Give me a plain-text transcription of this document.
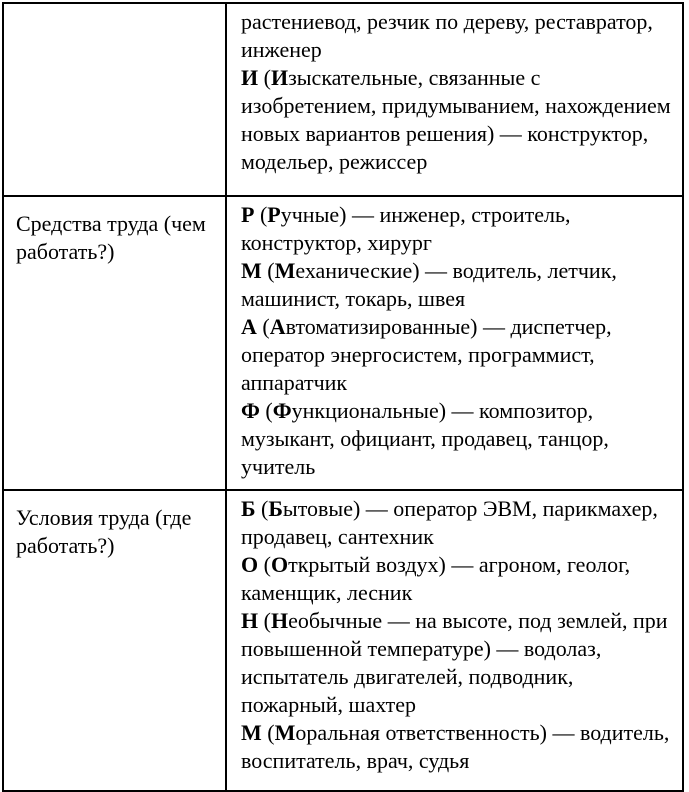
	растениевод, резчик по дереву, реставратор, инженер

И (Изыскательные, связанные с изобретением, придумыванием, нахождением новых вариантов решения) — конструктор, модельер, режиссер

Средства труда (чем работать?)	Р (Ручные) — инженер, строитель, конструктор, хирург

М (Механические) — водитель, летчик, машинист, токарь, швея

А (Автоматизированные) — диспетчер, оператор энергосистем, программист, аппаратчик

Ф (Функциональные) — композитор, музыкант, официант, продавец, танцор, учитель

Условия труда (где работать?)	Б (Бытовые) — оператор ЭВМ, парикмахер, продавец, сантехник

О (Открытый воздух) — агроном, геолог, каменщик, лесник

Н (Необычные — на высоте, под землей, при повышенной температуре) — водолаз, испытатель двигателей, подводник, пожарный, шахтер

М (Моральная ответственность) — водитель, воспитатель, врач, судья
